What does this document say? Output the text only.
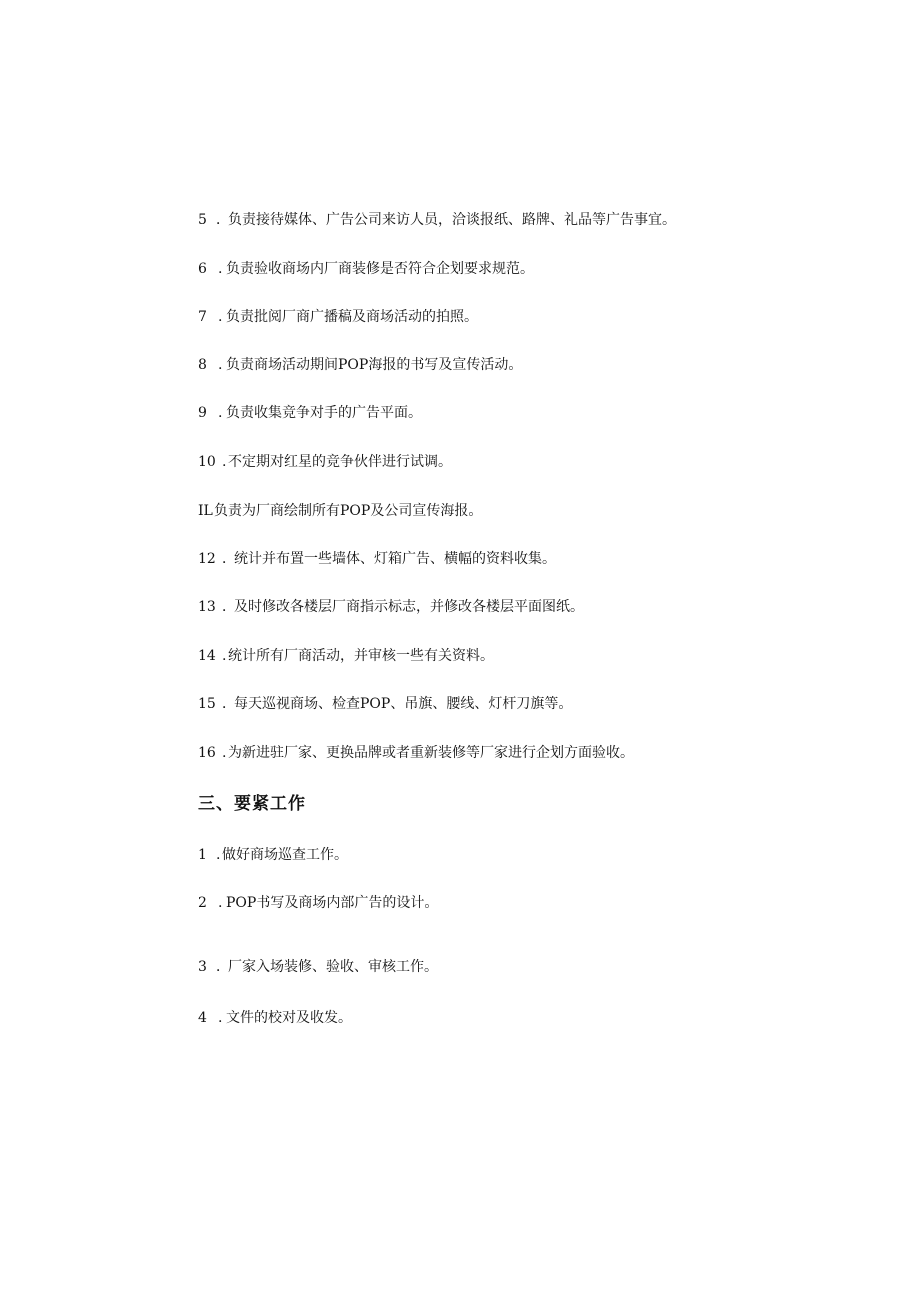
5 ．负责接待媒体、广告公司来访人员，洽谈报纸、路牌、礼品等广告事宜。
6 . 负责验收商场内厂商装修是否符合企划要求规范。
7 . 负责批阅厂商广播稿及商场活动的拍照。
8 . 负责商场活动期间POP海报的书写及宣传活动。
9 . 负责收集竞争对手的广告平面。
10 . 不定期对红星的竞争伙伴进行试调。
IL负责为厂商绘制所有POP及公司宣传海报。
12 ．统计并布置一些墙体、灯箱广告、横幅的资料收集。
13 ．及时修改各楼层厂商指示标志，并修改各楼层平面图纸。
14 . 统计所有厂商活动，并审核一些有关资料。
15 ．每天巡视商场、检查POP、吊旗、腰线、灯杆刀旗等。
16 . 为新进驻厂家、更换品牌或者重新装修等厂家进行企划方面验收。
三、要紧工作
1 . 做好商场巡查工作。
2 . POP书写及商场内部广告的设计。
3 ．厂家入场装修、验收、审核工作。
4 . 文件的校对及收发。
